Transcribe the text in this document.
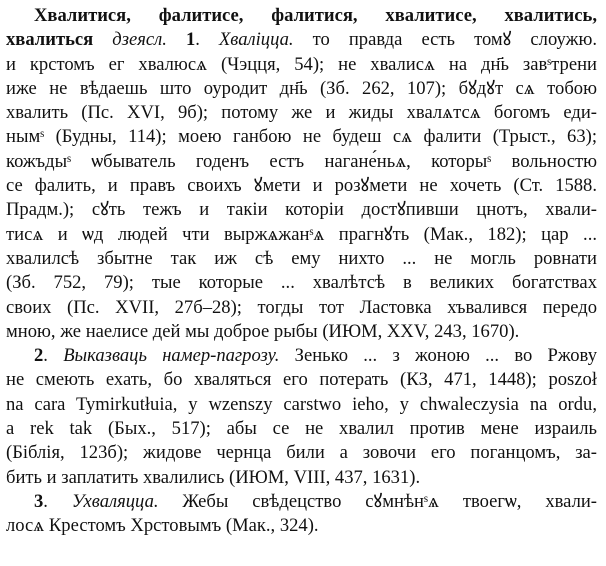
Хвалитися, фалитисе, фалитися, хвалитисе, хвалитись,
хвалиться дзеясл. 1. Хваліцца. то правда есть томꙋ слоужю.
и крстомъ ег хвалюсѧ (Чэцця, 54); не хвалисѧ на дн҃ь завˢтрени
иже не вѣдаешь што оуродит дн҃ь (Зб. 262, 107); бꙋдꙋт сѧ тобою
хвалить (Пс. XVI, 9б); потому же и жиды хвалѧтсѧ богомъ еди-
нымˢ (Будны, 114); моею ганбою не будеш сѧ фалити (Трыст., 63);
кожъдыˢ ѡбыватель годенъ естъ нагане́ньѧ, которыˢ вольностю
се фалить, и правъ своихъ ꙋмети и розꙋмети не хочеть (Ст. 1588.
Прадм.); сꙋть тежъ и такіи которіи достꙋпивши цнотъ, хвали-
тисѧ и ѡд людей чти выржѧжанˢѧ прагнꙋть (Мак., 182); цар ...
хвалилсѣ збытне так иж сѣ ему нихто ... не могль ровнати
(Зб. 752, 79); тые которые ... хвалѣтсѣ в великих богатствах
своих (Пс. XVII, 27б–28); тогды тот Ластовка хъвалився передо
мною, же наелисе дей мы доброе рыбы (ИЮМ, XXV, 243, 1670).
2. Выказваць намер-пагрозу. Зенько ... з жоною ... во Ржову
не смеють ехать, бо хваляться его потерать (КЗ, 471, 1448); poszoł
na cara Tymirkutłuia, y wzenszy carstwo ieho, y chwaleczysia na ordu,
a rek tak (Бых., 517); абы се не хвалил против мене израиль
(Біблія, 123б); жидове чернца били а зовочи его поганцомъ, за-
бить и заплатить хвалились (ИЮМ, VIII, 437, 1631).
3. Ухваляцца. Жебы свѣдецство сꙋмнѣнˢѧ твоегѡ, хвали-
лосѧ Крестомъ Хрстовымъ (Мак., 324).
